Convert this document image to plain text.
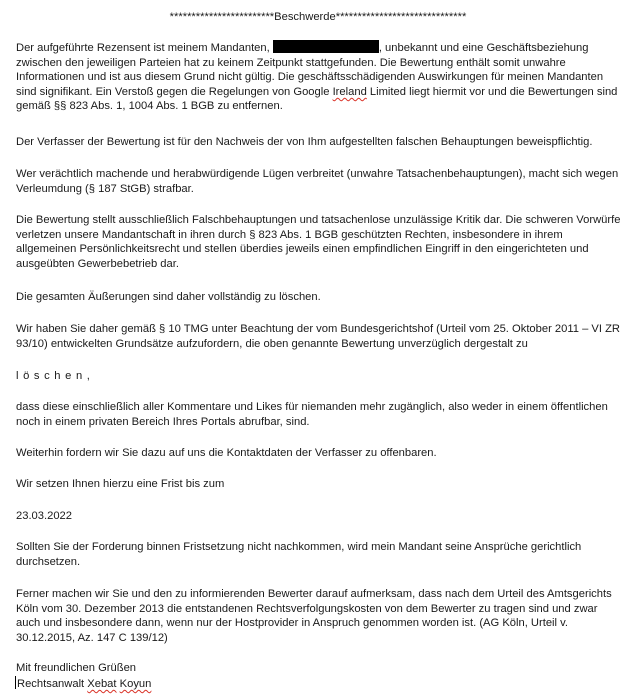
************************Beschwerde******************************

Der aufgeführte Rezensent ist meinem Mandanten,	, unbekannt und eine Geschäftsbeziehung zwischen den jeweiligen Parteien hat zu keinem Zeitpunkt stattgefunden. Die Bewertung enthält somit unwahre Informationen und ist aus diesem Grund nicht gültig. Die geschäftsschädigenden Auswirkungen für meinen Mandanten sind signifikant. Ein Verstoß gegen die Regelungen von Google Ireland Limited liegt hiermit vor und die Bewertungen sind gemäß §§ 823 Abs. 1, 1004 Abs. 1 BGB zu entfernen.

Der Verfasser der Bewertung ist für den Nachweis der von Ihm aufgestellten falschen Behauptungen beweispflichtig.

Wer verächtlich machende und herabwürdigende Lügen verbreitet (unwahre Tatsachenbehauptungen), macht sich wegen Verleumdung (§ 187 StGB) strafbar.

Die Bewertung stellt ausschließlich Falschbehauptungen und tatsachenlose unzulässige Kritik dar. Die schweren Vorwürfe verletzen unsere Mandantschaft in ihren durch § 823 Abs. 1 BGB geschützten Rechten, insbesondere in ihrem allgemeinen Persönlichkeitsrecht und stellen überdies jeweils einen empfindlichen Eingriff in den eingerichteten und ausgeübten Gewerbebetrieb dar.

Die gesamten Äußerungen sind daher vollständig zu löschen.

Wir haben Sie daher gemäß § 10 TMG unter Beachtung der vom Bundesgerichtshof (Urteil vom 25. Oktober 2011 – VI ZR 93/10) entwickelten Grundsätze aufzufordern, die oben genannte Bewertung unverzüglich dergestalt zu

löschen,

dass diese einschließlich aller Kommentare und Likes für niemanden mehr zugänglich, also weder in einem öffentlichen noch in einem privaten Bereich Ihres Portals abrufbar, sind.

Weiterhin fordern wir Sie dazu auf uns die Kontaktdaten der Verfasser zu offenbaren.

Wir setzen Ihnen hierzu eine Frist bis zum

23.03.2022

Sollten Sie der Forderung binnen Fristsetzung nicht nachkommen, wird mein Mandant seine Ansprüche gerichtlich durchsetzen.

Ferner machen wir Sie und den zu informierenden Bewerter darauf aufmerksam, dass nach dem Urteil des Amtsgerichts Köln vom 30. Dezember 2013 die entstandenen Rechtsverfolgungskosten von dem Bewerter zu tragen sind und zwar auch und insbesondere dann, wenn nur der Hostprovider in Anspruch genommen worden ist. (AG Köln, Urteil v. 30.12.2015, Az. 147 C 139/12)

Mit freundlichen Grüßen

Rechtsanwalt Xebat Koyun
